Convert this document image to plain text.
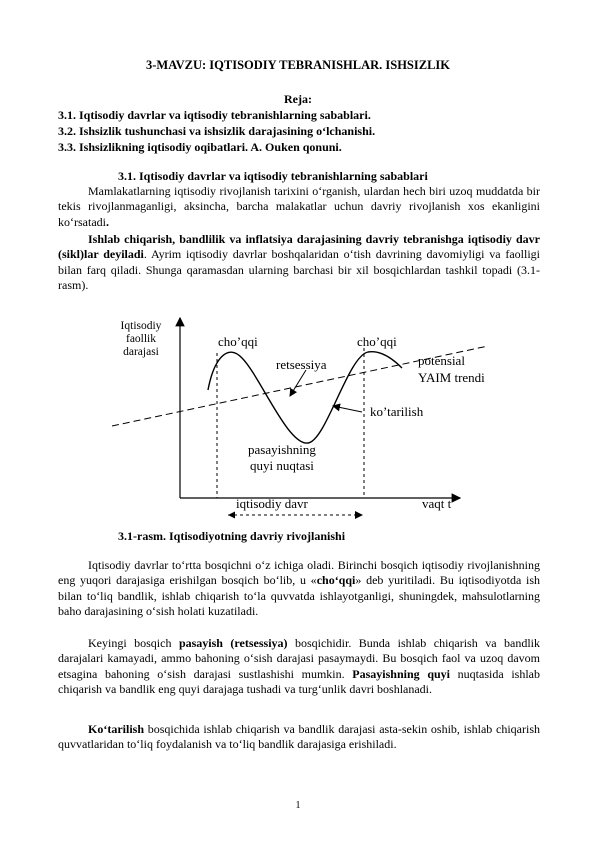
3-MAVZU: IQTISODIY TEBRANISHLAR. ISHSIZLIK
Reja:
3.1. Iqtisodiy davrlar va iqtisodiy tebranishlarning sabablari.
3.2. Ishsizlik tushunchasi va ishsizlik darajasining o‘lchanishi.
3.3. Ishsizlikning iqtisodiy oqibatlari. A. Ouken qonuni.
3.1. Iqtisodiy davrlar va iqtisodiy tebranishlarning sabablari
Mamlakatlarning iqtisodiy rivojlanish tarixini o‘rganish, ulardan hech biri uzoq muddatda bir tekis rivojlanmaganligi, aksincha, barcha malakatlar uchun davriy rivojlanish xos ekanligini ko‘rsatadi.
Ishlab chiqarish, bandlilik va inflatsiya darajasining davriy tebranishga iqtisodiy davr (sikl)lar deyiladi. Ayrim iqtisodiy davrlar boshqalaridan o‘tish davrining davomiyligi va faolligi bilan farq qiladi. Shunga qaramasdan ularning barchasi bir xil bosqichlardan tashkil topadi (3.1-rasm).
Iqtisodiy
faollik
darajasi
cho’qqi	cho’qqi
retsessiya	potensial
YAIM trendi
ko’tarilish
pasayishning
quyi nuqtasi
iqtisodiy davr	vaqt t
3.1-rasm. Iqtisodiyotning davriy rivojlanishi
Iqtisodiy davrlar to‘rtta bosqichni o‘z ichiga oladi. Birinchi bosqich iqtisodiy rivojlanishning eng yuqori darajasiga erishilgan bosqich bo‘lib, u «cho‘qqi» deb yuritiladi. Bu iqtisodiyotda ish bilan to‘liq bandlik, ishlab chiqarish to‘la quvvatda ishlayotganligi, shuningdek, mahsulotlarning baho darajasining o‘sish holati kuzatiladi.
Keyingi bosqich pasayish (retsessiya) bosqichidir. Bunda ishlab chiqarish va bandlik darajalari kamayadi, ammo bahoning o‘sish darajasi pasaymaydi. Bu bosqich faol va uzoq davom etsagina bahoning o‘sish darajasi sustlashishi mumkin. Pasayishning quyi nuqtasida ishlab chiqarish va bandlik eng quyi darajaga tushadi va turg‘unlik davri boshlanadi.
Ko‘tarilish bosqichida ishlab chiqarish va bandlik darajasi asta-sekin oshib, ishlab chiqarish quvvatlaridan to‘liq foydalanish va to‘liq bandlik darajasiga erishiladi.
1
